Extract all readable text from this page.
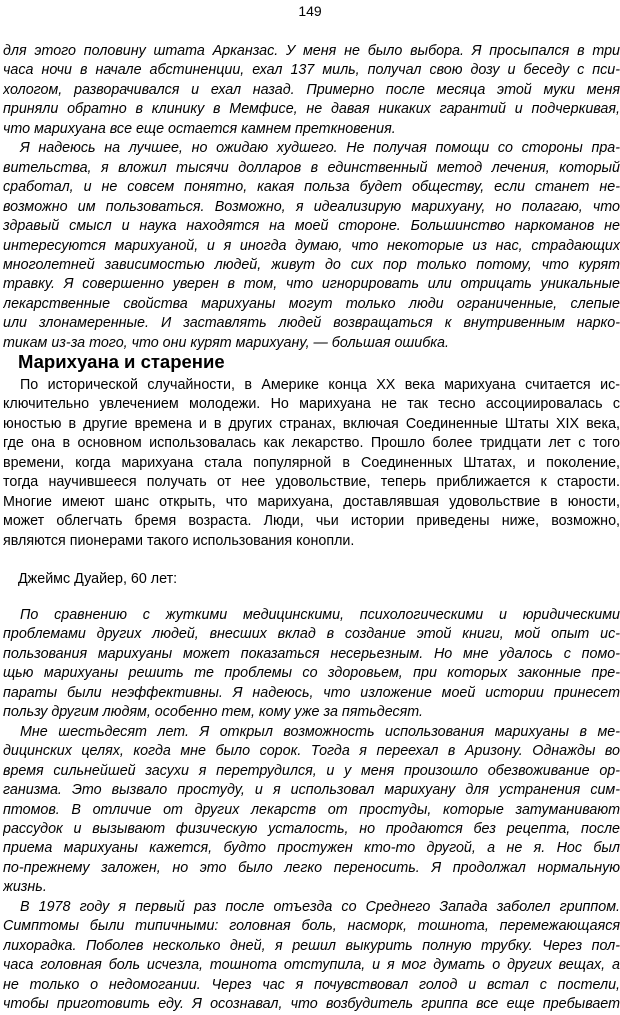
149
для этого половину штата Арканзас. У меня не было выбора. Я просыпался в три
часа ночи в начале абстиненции, ехал 137 миль, получал свою дозу и беседу с пси-
хологом, разворачивался и ехал назад. Примерно после месяца этой муки меня
приняли обратно в клинику в Мемфисе, не давая никаких гарантий и подчеркивая,
что марихуана все еще остается камнем преткновения.
Я надеюсь на лучшее, но ожидаю худшего. Не получая помощи со стороны пра-
вительства, я вложил тысячи долларов в единственный метод лечения, который
сработал, и не совсем понятно, какая польза будет обществу, если станет не-
возможно им пользоваться. Возможно, я идеализирую марихуану, но полагаю, что
здравый смысл и наука находятся на моей стороне. Большинство наркоманов не
интересуются марихуаной, и я иногда думаю, что некоторые из нас, страдающих
многолетней зависимостью людей, живут до сих пор только потому, что курят
травку. Я совершенно уверен в том, что игнорировать или отрицать уникальные
лекарственные свойства марихуаны могут только люди ограниченные, слепые
или злонамеренные. И заставлять людей возвращаться к внутривенным нарко-
тикам из-за того, что они курят марихуану, — большая ошибка.
Марихуана и старение
По исторической случайности, в Америке конца XX века марихуана считается ис-
ключительно увлечением молодежи. Но марихуана не так тесно ассоциировалась с
юностью в другие времена и в других странах, включая Соединенные Штаты XIX века,
где она в основном использовалась как лекарство. Прошло более тридцати лет с того
времени, когда марихуана стала популярной в Соединенных Штатах, и поколение,
тогда научившееся получать от нее удовольствие, теперь приближается к старости.
Многие имеют шанс открыть, что марихуана, доставлявшая удовольствие в юности,
может облегчать бремя возраста. Люди, чьи истории приведены ниже, возможно,
являются пионерами такого использования конопли.
Джеймс Дуайер, 60 лет:
По сравнению с жуткими медицинскими, психологическими и юридическими
проблемами других людей, внесших вклад в создание этой книги, мой опыт ис-
пользования марихуаны может показаться несерьезным. Но мне удалось с помо-
щью марихуаны решить те проблемы со здоровьем, при которых законные пре-
параты были неэффективны. Я надеюсь, что изложение моей истории принесет
пользу другим людям, особенно тем, кому уже за пятьдесят.
Мне шестьдесят лет. Я открыл возможность использования марихуаны в ме-
дицинских целях, когда мне было сорок. Тогда я переехал в Аризону. Однажды во
время сильнейшей засухи я перетрудился, и у меня произошло обезвоживание ор-
ганизма. Это вызвало простуду, и я использовал марихуану для устранения сим-
птомов. В отличие от других лекарств от простуды, которые затуманивают
рассудок и вызывают физическую усталость, но продаются без рецепта, после
приема марихуаны кажется, будто простужен кто-то другой, а не я. Нос был
по-прежнему заложен, но это было легко переносить. Я продолжал нормальную
жизнь.
В 1978 году я первый раз после отъезда со Среднего Запада заболел гриппом.
Симптомы были типичными: головная боль, насморк, тошнота, перемежающаяся
лихорадка. Поболев несколько дней, я решил выкурить полную трубку. Через пол-
часа головная боль исчезла, тошнота отступила, и я мог думать о других вещах, а
не только о недомогании. Через час я почувствовал голод и встал с постели,
чтобы приготовить еду. Я осознавал, что возбудитель гриппа все еще пребывает
